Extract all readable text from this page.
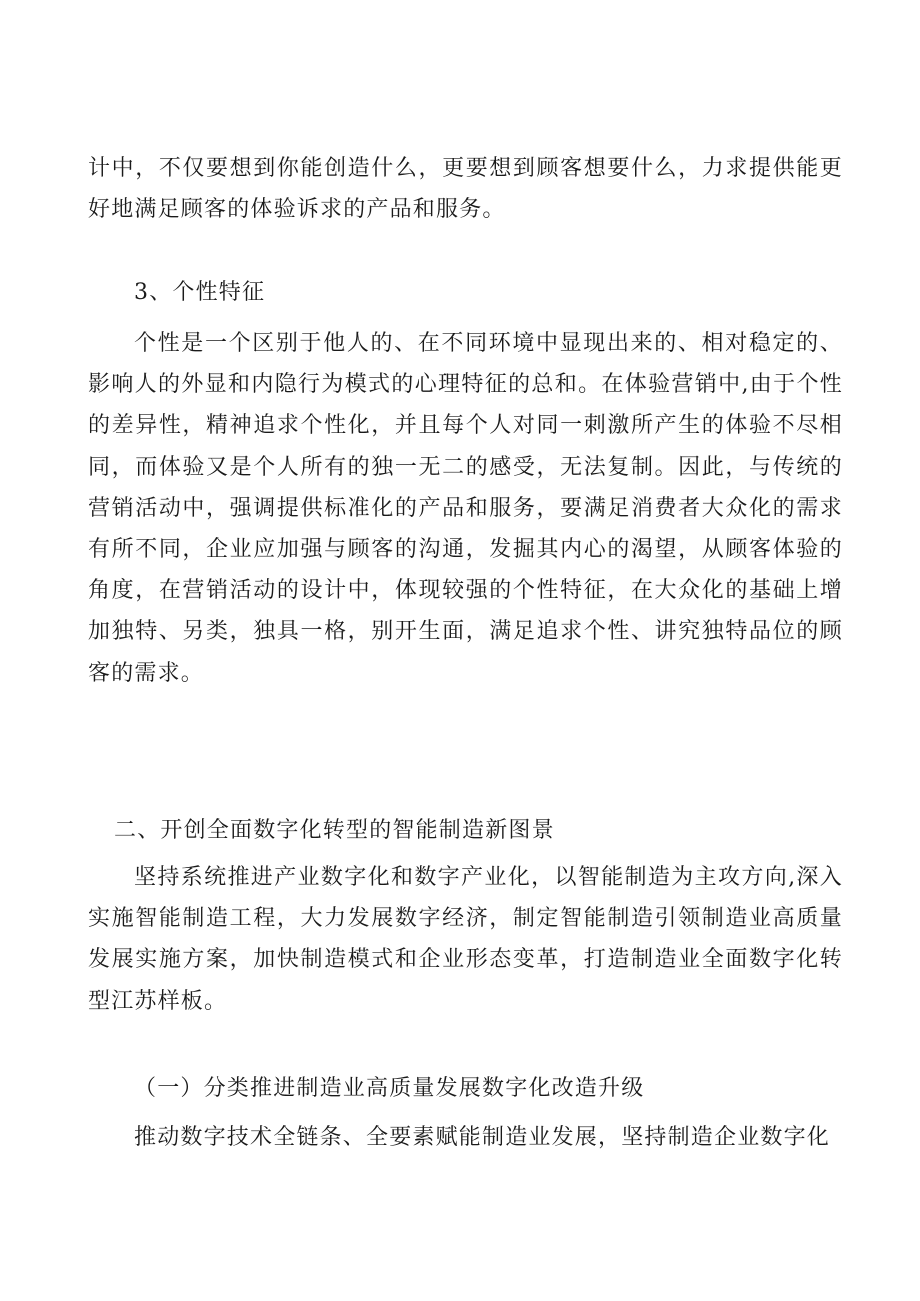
计中，不仅要想到你能创造什么，更要想到顾客想要什么，力求提供能更好地满足顾客的体验诉求的产品和服务。

3、个性特征

个性是一个区别于他人的、在不同环境中显现出来的、相对稳定的、影响人的外显和内隐行为模式的心理特征的总和。在体验营销中,由于个性的差异性，精神追求个性化，并且每个人对同一刺激所产生的体验不尽相同，而体验又是个人所有的独一无二的感受，无法复制。因此，与传统的营销活动中，强调提供标准化的产品和服务，要满足消费者大众化的需求有所不同，企业应加强与顾客的沟通，发掘其内心的渴望，从顾客体验的角度，在营销活动的设计中，体现较强的个性特征，在大众化的基础上增加独特、另类，独具一格，别开生面，满足追求个性、讲究独特品位的顾客的需求。

二、开创全面数字化转型的智能制造新图景

坚持系统推进产业数字化和数字产业化，以智能制造为主攻方向,深入实施智能制造工程，大力发展数字经济，制定智能制造引领制造业高质量发展实施方案，加快制造模式和企业形态变革，打造制造业全面数字化转型江苏样板。

（一）分类推进制造业高质量发展数字化改造升级

推动数字技术全链条、全要素赋能制造业发展，坚持制造企业数字化
